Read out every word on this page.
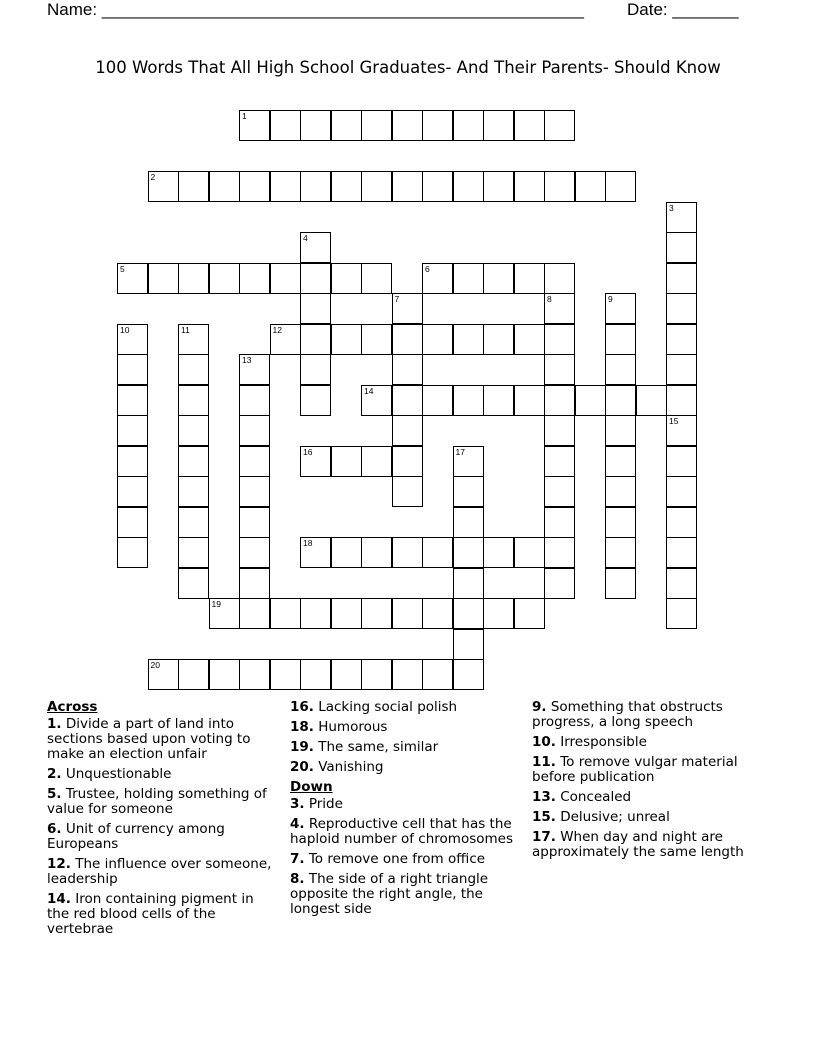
Name: ___________________________________________________	Date: _______
100 Words That All High School Graduates- And Their Parents- Should Know
1
2
3
4
5	6
7	8	9
10	11	12
13
14
15
16	17
18
19
20
Across
1. Divide a part of land into sections based upon voting to make an election unfair
2. Unquestionable
5. Trustee, holding something of value for someone
6. Unit of currency among Europeans
12. The influence over someone, leadership
14. Iron containing pigment in the red blood cells of the vertebrae
16. Lacking social polish
18. Humorous
19. The same, similar
20. Vanishing
Down
3. Pride
4. Reproductive cell that has the haploid number of chromosomes
7. To remove one from office
8. The side of a right triangle opposite the right angle, the longest side
9. Something that obstructs progress, a long speech
10. Irresponsible
11. To remove vulgar material before publication
13. Concealed
15. Delusive; unreal
17. When day and night are approximately the same length
